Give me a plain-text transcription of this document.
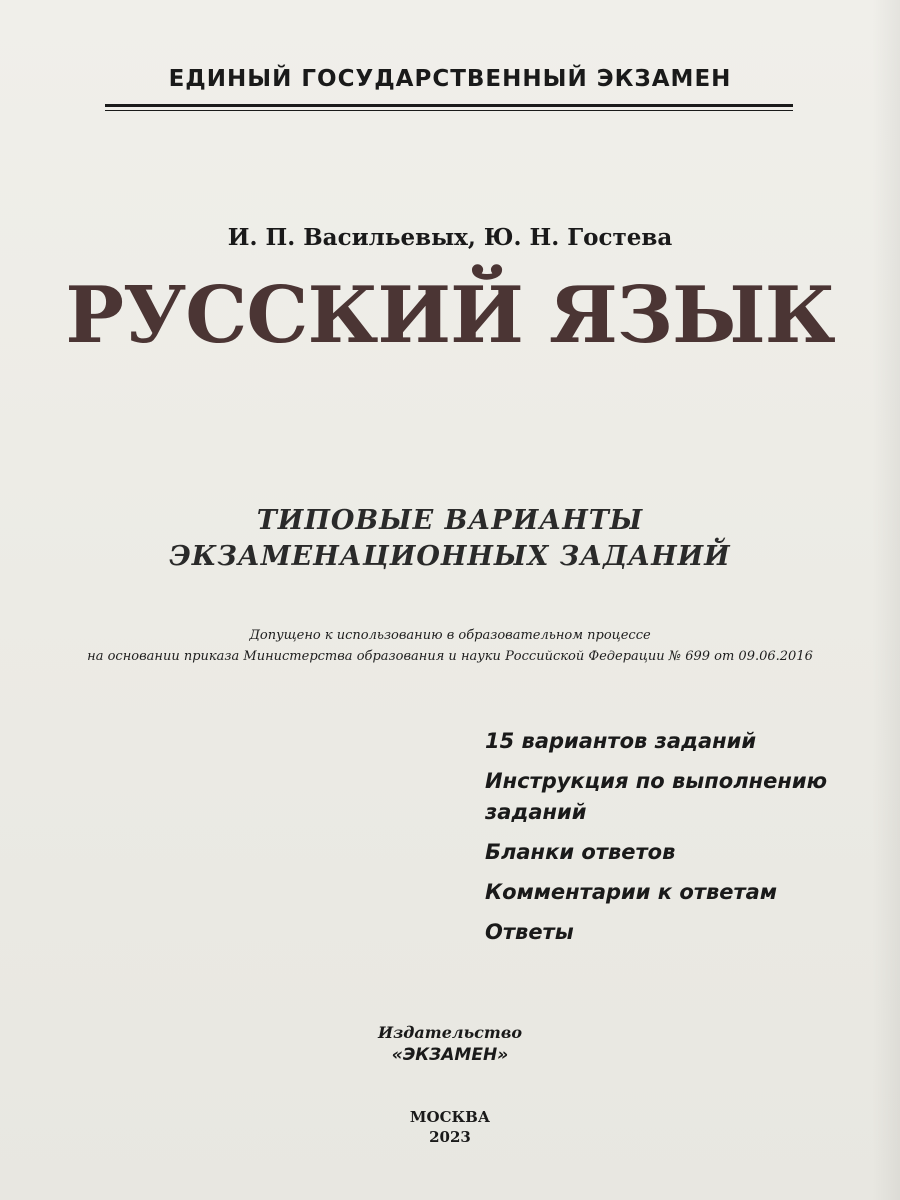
ЕДИНЫЙ ГОСУДАРСТВЕННЫЙ ЭКЗАМЕН
И. П. Васильевых, Ю. Н. Гостева
РУССКИЙ ЯЗЫК
ТИПОВЫЕ ВАРИАНТЫ
ЭКЗАМЕНАЦИОННЫХ ЗАДАНИЙ
Допущено к использованию в образовательном процессе
на основании приказа Министерства образования и науки Российской Федерации № 699 от 09.06.2016
15 вариантов заданий
Инструкция по выполнению заданий
Бланки ответов
Комментарии к ответам
Ответы
Издательство
«ЭКЗАМЕН»
МОСКВА
2023
